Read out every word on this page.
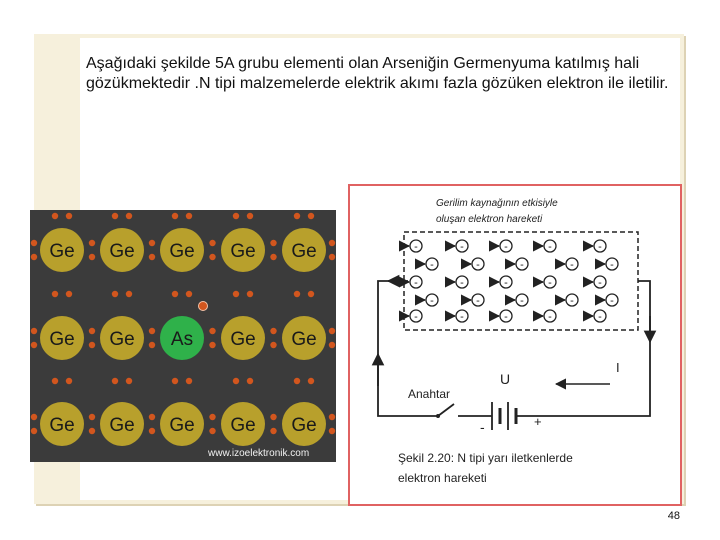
Aşağıdaki şekilde 5A grubu elementi olan Arseniğin Germenyuma katılmış hali gözükmektedir .N tipi malzemelerde elektrik akımı fazla gözüken elektron ile iletilir.

Ge Ge Ge Ge Ge
Ge Ge As Ge Ge
Ge Ge Ge Ge Ge
www.izoelektronik.com
Gerilim kaynağının etkisiyle
oluşan elektron hareketi
-	-	-	-	-
-	-	-	-	-
-	-	-	-	-
-	-	-	-	-
-	-	-	-	-
Anahtar
U
I
-	+
Şekil 2.20: N tipi yarı iletkenlerde
elektron hareketi
48
